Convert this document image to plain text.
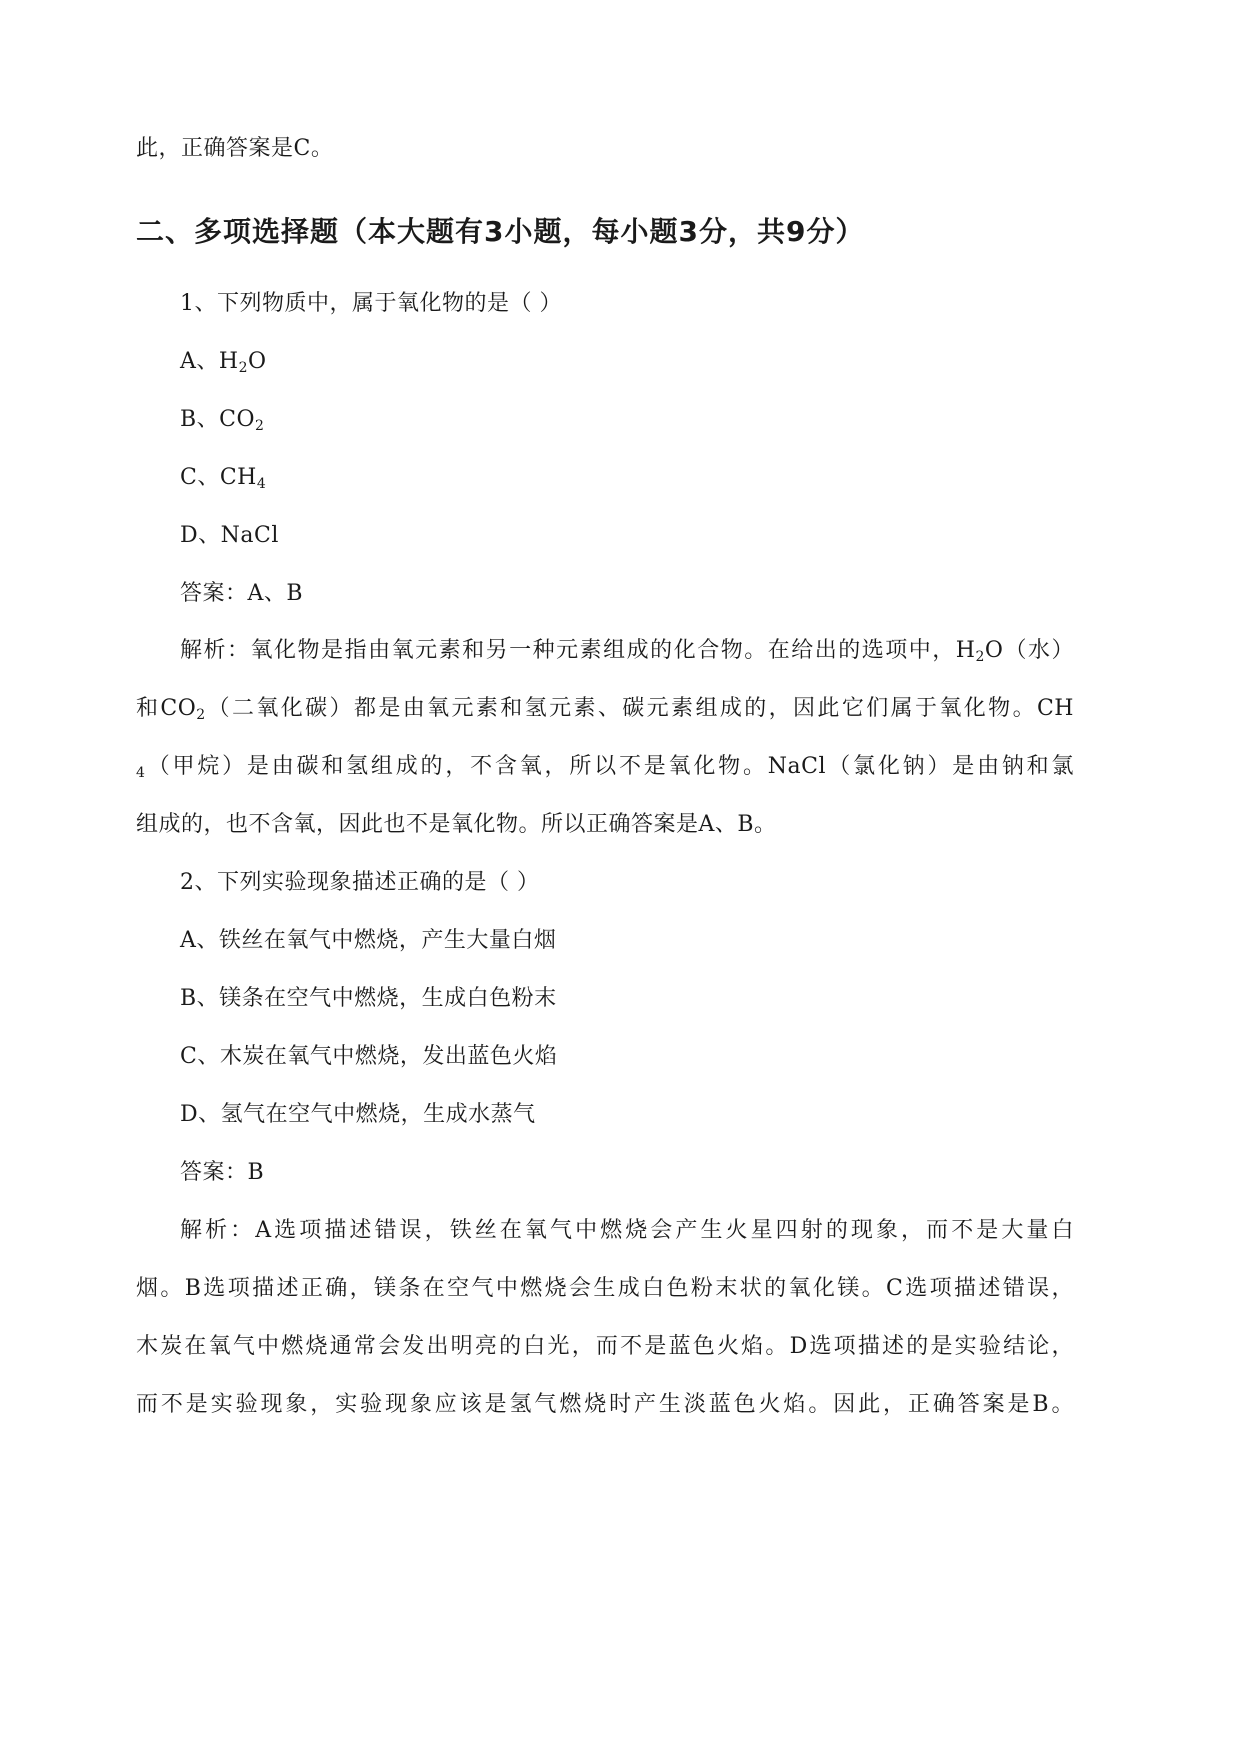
此，正确答案是C。
二、多项选择题（本大题有3小题，每小题3分，共9分）
1、下列物质中，属于氧化物的是（ ）
A、$H_2O$
B、$CO_2$
C、$CH_4$
D、NaCl
答案：A、B
解析：氧化物是指由氧元素和另一种元素组成的化合物。在给出的选项中，$H_2O$（水）
和$CO_2$（二氧化碳）都是由氧元素和氢元素、碳元素组成的，因此它们属于氧化物。CH
$_4$（甲烷）是由碳和氢组成的，不含氧，所以不是氧化物。NaCl（氯化钠）是由钠和氯
组成的，也不含氧，因此也不是氧化物。所以正确答案是A、B。
2、下列实验现象描述正确的是（ ）
A、铁丝在氧气中燃烧，产生大量白烟
B、镁条在空气中燃烧，生成白色粉末
C、木炭在氧气中燃烧，发出蓝色火焰
D、氢气在空气中燃烧，生成水蒸气
答案：B
解析：A选项描述错误，铁丝在氧气中燃烧会产生火星四射的现象，而不是大量白
烟。B选项描述正确，镁条在空气中燃烧会生成白色粉末状的氧化镁。C选项描述错误，
木炭在氧气中燃烧通常会发出明亮的白光，而不是蓝色火焰。D选项描述的是实验结论，
而不是实验现象，实验现象应该是氢气燃烧时产生淡蓝色火焰。因此，正确答案是B。
